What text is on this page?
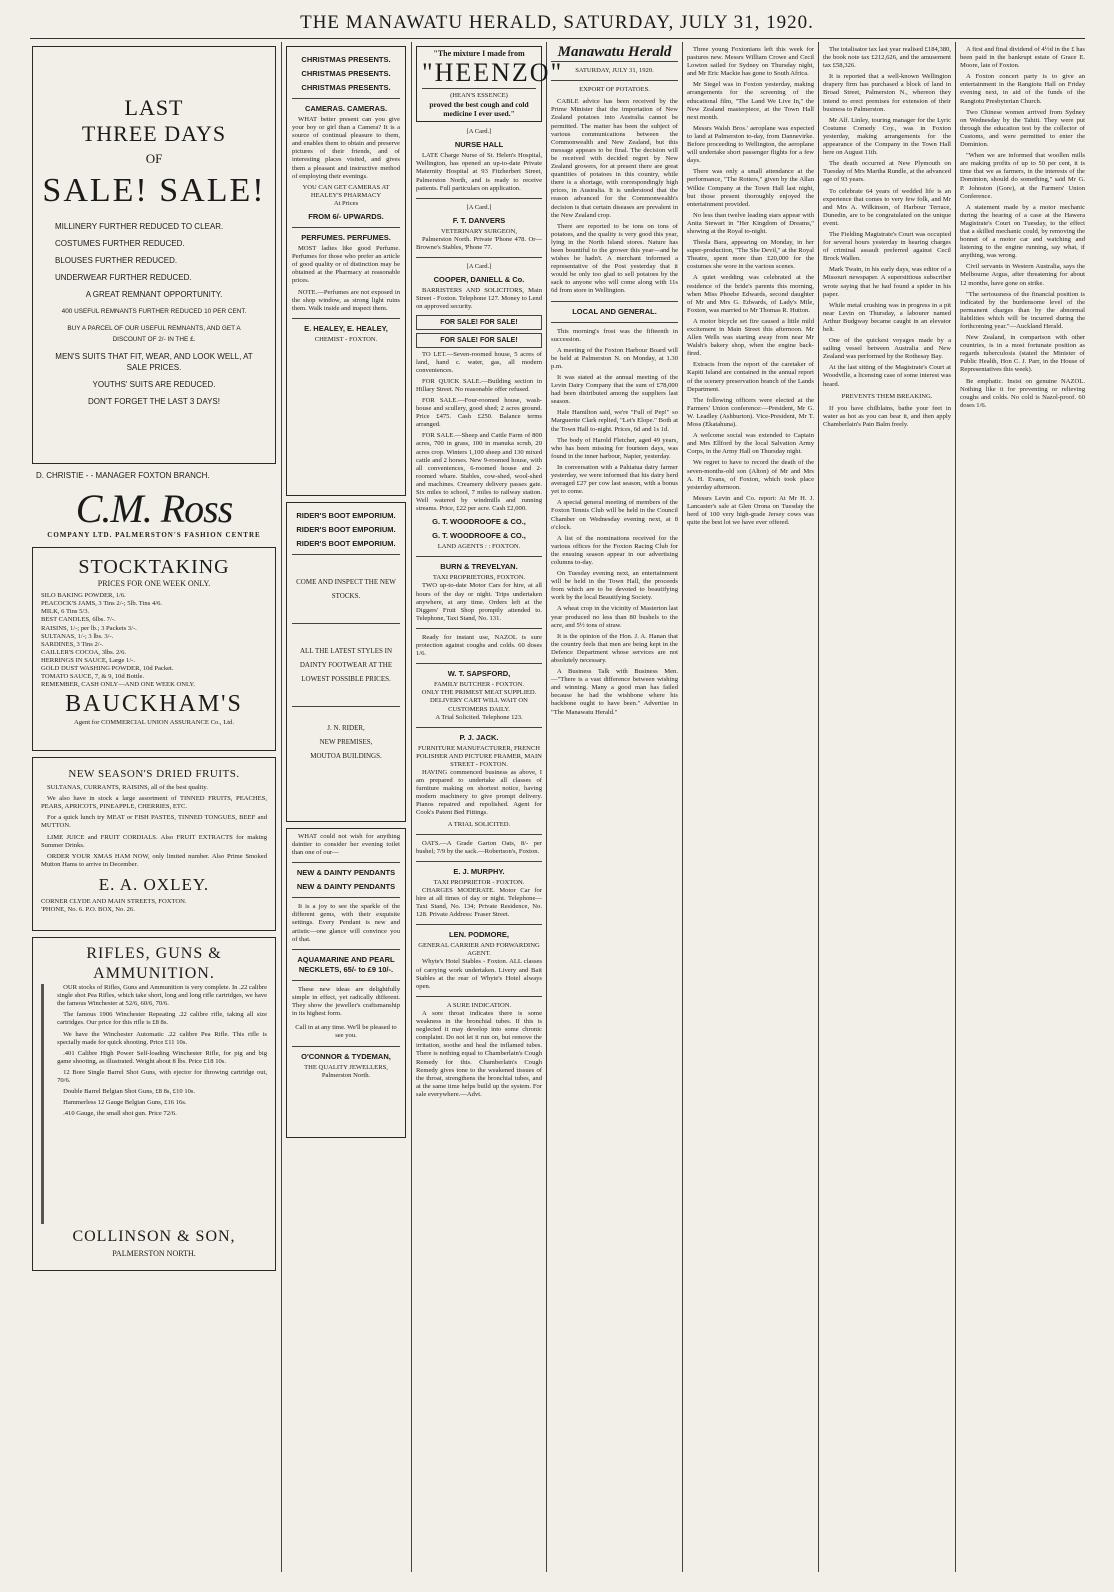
THE MANAWATU HERALD, SATURDAY, JULY 31, 1920.
LAST
THREE DAYS
OF
SALE! SALE!
MILLINERY FURTHER REDUCED TO CLEAR.
COSTUMES FURTHER REDUCED.
BLOUSES FURTHER REDUCED.
UNDERWEAR FURTHER REDUCED.
A GREAT REMNANT OPPORTUNITY.
400 USEFUL REMNANTS FURTHER REDUCED 10 PER CENT.
BUY A PARCEL OF OUR USEFUL REMNANTS, AND GET A DISCOUNT OF 2/- IN THE £.
MEN'S SUITS THAT FIT, WEAR, AND LOOK WELL, AT SALE PRICES.
YOUTHS' SUITS ARE REDUCED.
DON'T FORGET THE LAST 3 DAYS!
D. CHRISTIE - - MANAGER FOXTON BRANCH.
C.M. Ross
COMPANY LTD. PALMERSTON'S FASHION CENTRE
STOCKTAKING
PRICES FOR ONE WEEK ONLY.
SILO BAKING POWDER, 1/6.
PEACOCK'S JAMS, 3 Tins 2/-; 5lb. Tins 4/6.
MILK, 6 Tins 5/3.
BEST CANDLES, 6lbs. 7/-.
RAISINS, 1/-; per lb.; 3 Packets 3/-.
SULTANAS, 1/-; 3 lbs. 3/-.
SARDINES, 3 Tins 2/-.
CAILLER'S COCOA, 3lbs. 2/6.
HERRINGS IN SAUCE, Large 1/-.
GOLD DUST WASHING POWDER, 10d Packet.
TOMATO SAUCE, 7, & 9, 10d Bottle.
REMEMBER, CASH ONLY—AND ONE WEEK ONLY.
BAUCKHAM'S
Agent for COMMERCIAL UNION ASSURANCE Co., Ltd.
NEW SEASON'S DRIED FRUITS.
SULTANAS, CURRANTS, RAISINS, all of the best quality.
We also have in stock a large assortment of TINNED FRUITS, PEACHES, PEARS, APRICOTS, PINEAPPLE, CHERRIES, ETC.
For a quick lunch try MEAT or FISH PASTES, TINNED TONGUES, BEEF and MUTTON.
LIME JUICE and FRUIT CORDIALS. Also FRUIT EXTRACTS for making Summer Drinks.
ORDER YOUR XMAS HAM NOW, only limited number. Also Prime Smoked Mutton Hams to arrive in December.
E. A. OXLEY.
CORNER CLYDE AND MAIN STREETS, FOXTON.
'PHONE, No. 6. P.O. BOX, No. 26.
RIFLES, GUNS & AMMUNITION.
OUR stocks of Rifles, Guns and Ammunition is very complete. In .22 calibre single shot Pea Rifles, which take short, long and long rifle cartridges, we have the famous Winchester at 52/6, 60/6, 70/6.
The famous 1906 Winchester Repeating .22 calibre rifle, taking all size cartridges. Our price for this rifle is £8 8s.
We have the Winchester Automatic .22 calibre Pea Rifle. This rifle is specially made for quick shooting. Price £11 10s.
.401 Calibre High Power Self-loading Winchester Rifle, for pig and big game shooting, as illustrated. Weight about 8 lbs. Price £18 10s.
12 Bore Single Barrel Shot Guns, with ejector for throwing cartridge out, 70/6.
Double Barrel Belgian Shot Guns, £8 8s, £10 10s.
Hammerless 12 Gauge Belgian Guns, £16 16s.
.410 Gauge, the small shot gun. Price 72/6.
COLLINSON & SON,
PALMERSTON NORTH.
CHRISTMAS PRESENTS.
CHRISTMAS PRESENTS.
CHRISTMAS PRESENTS.
CAMERAS. CAMERAS.
WHAT better present can you give your boy or girl than a Camera? It is a source of continual pleasure to them, and enables them to obtain and preserve pictures of their friends, and of interesting places visited, and gives them a pleasant and instructive method of employing their evenings.
YOU CAN GET CAMERAS AT HEALEY'S PHARMACY
At Prices
FROM 6/- UPWARDS.
PERFUMES. PERFUMES.
MOST ladies like good Perfume. Perfumes for those who prefer an article of good quality or of distinction may be obtained at the Pharmacy at reasonable prices.
NOTE.—Perfumes are not exposed in the shop window, as strong light ruins them. Walk inside and inspect them.
E. HEALEY, E. HEALEY,
CHEMIST - FOXTON.
RIDER'S BOOT EMPORIUM.
RIDER'S BOOT EMPORIUM.
RIDER'S BOOT EMPORIUM.
COME AND INSPECT THE NEW STOCKS.
ALL THE LATEST STYLES IN DAINTY FOOTWEAR AT THE LOWEST POSSIBLE PRICES.
J. N. RIDER,
NEW PREMISES,
MOUTOA BUILDINGS.
WHAT could not wish for anything daintier to consider her evening toilet than one of our—
NEW & DAINTY PENDANTS
NEW & DAINTY PENDANTS
It is a joy to see the sparkle of the different gems, with their exquisite settings. Every Pendant is new and artistic—one glance will convince you of that.
AQUAMARINE AND PEARL NECKLETS, 65/- to £9 10/-.
These new ideas are delightfully simple in effect, yet radically different. They show the jeweller's craftsmanship in its highest form.
Call in at any time. We'll be pleased to see you.
O'CONNOR & TYDEMAN,
THE QUALITY JEWELLERS,
Palmerston North.
"The mixture I made from
"HEENZO"
(HEAN'S ESSENCE)
proved the best cough and cold medicine I ever used."
[A Card.]
NURSE HALL
LATE Charge Nurse of St. Helen's Hospital, Wellington, has opened an up-to-date Private Maternity Hospital at 93 Fitzherbert Street, Palmerston North, and is ready to receive patients. Full particulars on application.
[A Card.]
F. T. DANVERS
VETERINARY SURGEON,
Palmerston North. Private 'Phone 478. Or— Browne's Stables, 'Phone 77.
[A Card.]
COOPER, DANIELL & Co.
BARRISTERS AND SOLICITORS, Main Street - Foxton. Telephone 127. Money to Lend on approved security.
FOR SALE! FOR SALE!
FOR SALE! FOR SALE!
TO LET.—Seven-roomed house, 5 acres of land, hand c. water, gas, all modern conveniences.
FOR QUICK SALE.—Building section in Hillary Street. No reasonable offer refused.
FOR SALE.—Four-roomed house, wash-house and scullery, good shed; 2 acres ground. Price £475. Cash £250. Balance terms arranged.
FOR SALE.—Sheep and Cattle Farm of 800 acres, 700 in grass, 100 in manuka scrub, 20 acres crop. Winters 1,100 sheep and 130 mixed cattle and 2 horses. New 9-roomed house, with all conveniences, 6-roomed house and 2-roomed whare. Stables, cow-shed, wool-shed and machines. Creamery delivery passes gate. Six miles to school, 7 miles to railway station. Well watered by windmills and running streams. Price, £22 per acre. Cash £2,000.
G. T. WOODROOFE & CO.,
G. T. WOODROOFE & CO.,
LAND AGENTS : : FOXTON.
BURN & TREVELYAN.
TAXI PROPRIETORS, FOXTON.
TWO up-to-date Motor Cars for hire, at all hours of the day or night. Trips undertaken anywhere, at any time. Orders left at the Diggers' Fruit Shop promptly attended to. Telephone, Taxi Stand, No. 131.
Ready for instant use, NAZOL is sure protection against coughs and colds. 60 doses 1/6.
W. T. SAPSFORD,
FAMILY BUTCHER - FOXTON.
ONLY THE PRIMEST MEAT SUPPLIED. DELIVERY CART WILL WAIT ON CUSTOMERS DAILY.
A Trial Solicited. Telephone 123.
P. J. JACK.
FURNITURE MANUFACTURER, FRENCH POLISHER AND PICTURE FRAMER, MAIN STREET - FOXTON.
HAVING commenced business as above, I am prepared to undertake all classes of furniture making on shortest notice, having modern machinery to give prompt delivery. Pianos repaired and repolished. Agent for Cook's Patent Bed Fittings.
A TRIAL SOLICITED.
OATS.—A Grade Garton Oats, 8/- per bushel; 7/9 by the sack.—Robertson's, Foxton.
E. J. MURPHY.
TAXI PROPRIETOR - FOXTON.
CHARGES MODERATE. Motor Car for hire at all times of day or night. Telephone—Taxi Stand, No. 134; Private Residence, No. 128. Private Address: Fraser Street.
LEN. PODMORE,
GENERAL CARRIER AND FORWARDING AGENT.
Whyte's Hotel Stables - Foxton. ALL classes of carrying work undertaken. Livery and Bait Stables at the rear of Whyte's Hotel always open.
A SURE INDICATION.
A sore throat indicates there is some weakness in the bronchial tubes. If this is neglected it may develop into some chronic complaint. Do not let it run on, but remove the irritation, soothe and heal the inflamed tubes. There is nothing equal to Chamberlain's Cough Remedy for this. Chamberlain's Cough Remedy gives tone to the weakened tissues of the throat, strengthens the bronchial tubes, and at the same time helps build up the system. For sale everywhere.—Advt.
Manawatu Herald
SATURDAY, JULY 31, 1920.
EXPORT OF POTATOES.
CABLE advice has been received by the Prime Minister that the importation of New Zealand potatoes into Australia cannot be permitted. The matter has been the subject of various communications between the Commonwealth and New Zealand, but this message appears to be final. The decision will be received with decided regret by New Zealand growers, for at present there are great quantities of potatoes in this country, while there is a shortage, with correspondingly high prices, in Australia. It is understood that the reason advanced for the Commonwealth's decision is that certain diseases are prevalent in the New Zealand crop.
There are reported to be tons on tons of potatoes, and the quality is very good this year, lying in the North Island stores. Nature has been bountiful to the grower this year—and he wishes he hadn't. A merchant informed a representative of the Post yesterday that it would be only too glad to sell potatoes by the sack to anyone who will come along with 11s 6d from store in Wellington.
LOCAL AND GENERAL.
This morning's frost was the fifteenth in succession.
A meeting of the Foxton Harbour Board will be held at Palmerston N. on Monday, at 1.30 p.m.
It was stated at the annual meeting of the Levin Dairy Company that the sum of £78,000 had been distributed among the suppliers last season.
Hale Hamilton said, we're "Full of Pep!" so Marguerite Clark replied, "Let's Elope." Both at the Town Hall to-night. Prices, 6d and 1s 1d.
The body of Harold Fletcher, aged 49 years, who has been missing for fourteen days, was found in the inner harbour, Napier, yesterday.
In conversation with a Pahiatua dairy farmer yesterday, we were informed that his dairy herd averaged £27 per cow last season, with a bonus yet to come.
A special general meeting of members of the Foxton Tennis Club will be held in the Council Chamber on Wednesday evening next, at 8 o'clock.
A list of the nominations received for the various offices for the Foxton Racing Club for the ensuing season appear in our advertising columns to-day.
On Tuesday evening next, an entertainment will be held in the Town Hall, the proceeds from which are to be devoted to beautifying work by the local Beautifying Society.
A wheat crop in the vicinity of Masterton last year produced no less than 80 bushels to the acre, and 5½ tons of straw.
It is the opinion of the Hon. J. A. Hanan that the country feels that men are being kept in the Defence Department whose services are not absolutely necessary.
A Business Talk with Business Men.—"There is a vast difference between wishing and winning. Many a good man has failed because he had the wishbone where his backbone ought to have been." Advertise in "The Manawatu Herald."
Three young Foxtonians left this week for pastures new. Messrs William Crowe and Cecil Lowton sailed for Sydney on Thursday night, and Mr Eric Mackie has gone to South Africa.
Mr Siegel was in Foxton yesterday, making arrangements for the screening of the educational film, "The Land We Live In," the New Zealand masterpiece, at the Town Hall next month.
Messrs Walsh Bros.' aeroplane was expected to land at Palmerston to-day, from Dannevirke. Before proceeding to Wellington, the aeroplane will undertake short passenger flights for a few days.
There was only a small attendance at the performance, "The Rotters," given by the Allan Wilkie Company at the Town Hall last night, but those present thoroughly enjoyed the entertainment provided.
No less than twelve leading stars appear with Anita Stewart in "Her Kingdom of Dreams," showing at the Royal to-night.
Thesla Bara, appearing on Monday, in her super-production, "The She Devil," at the Royal Theatre, spent more than £20,000 for the costumes she wore in the various scenes.
A quiet wedding was celebrated at the residence of the bride's parents this morning, when Miss Phoebe Edwards, second daughter of Mr and Mrs G. Edwards, of Lady's Mile, Foxton, was married to Mr Thomas R. Hutton.
A motor bicycle set fire caused a little mild excitement in Main Street this afternoon. Mr Allen Wells was starting away from near Mr Walsh's bakery shop, when the engine back-fired.
Extracts from the report of the caretaker of Kapiti Island are contained in the annual report of the scenery preservation branch of the Lands Department.
The following officers were elected at the Farmers' Union conference:—President, Mr G. W. Leadley (Ashburton). Vice-President, Mr T. Moss (Ekatahuna).
A welcome social was extended to Captain and Mrs Ellford by the local Salvation Army Corps, in the Army Hall on Thursday night.
We regret to have to record the death of the seven-months-old son (Alton) of Mr and Mrs A. H. Evans, of Foxton, which took place yesterday afternoon.
Messrs Levin and Co. report: At Mr H. J. Lancaster's sale at Glen Orona on Tuesday the herd of 100 very high-grade Jersey cows was quite the best lot we have ever offered.
The totalisator tax last year realised £184,380, the book note tax £212,626, and the amusement tax £58,326.
It is reported that a well-known Wellington drapery firm has purchased a block of land in Broad Street, Palmerston N., whereon they intend to erect premises for extension of their business to Palmerston.
Mr Alf. Linley, touring manager for the Lyric Costume Comedy Coy., was in Foxton yesterday, making arrangements for the appearance of the Company in the Town Hall here on August 11th.
The death occurred at New Plymouth on Tuesday of Mrs Martha Rundle, at the advanced age of 93 years.
To celebrate 64 years of wedded life is an experience that comes to very few folk, and Mr and Mrs A. Wilkinson, of Harbour Terrace, Dunedin, are to be congratulated on the unique event.
The Fielding Magistrate's Court was occupied for several hours yesterday in hearing charges of criminal assault preferred against Cecil Brock Wallen.
Mark Twain, in his early days, was editor of a Missouri newspaper. A superstitious subscriber wrote saying that he had found a spider in his paper.
While metal crushing was in progress in a pit near Levin on Thursday, a labourer named Arthur Budgway became caught in an elevator belt.
One of the quickest voyages made by a sailing vessel between Australia and New Zealand was performed by the Rothesay Bay.
At the last sitting of the Magistrate's Court at Woodville, a licensing case of some interest was heard.
PREVENTS THEM BREAKING.
If you have chilblains, bathe your feet in water as hot as you can bear it, and then apply Chamberlain's Pain Balm freely.
A first and final dividend of 4½d in the £ has been paid in the bankrupt estate of Grace E. Moore, late of Foxton.
A Foxton concert party is to give an entertainment in the Rangiotu Hall on Friday evening next, in aid of the funds of the Rangiotu Presbyterian Church.
Two Chinese women arrived from Sydney on Wednesday by the Tahiti. They were put through the education test by the collector of Customs, and were permitted to enter the Dominion.
"When we are informed that woollen mills are making profits of up to 50 per cent, it is time that we as farmers, in the interests of the Dominion, should do something," said Mr G. P. Johnston (Gore), at the Farmers' Union Conference.
A statement made by a motor mechanic during the hearing of a case at the Hawera Magistrate's Court on Tuesday, to the effect that a skilled mechanic could, by removing the bonnet of a motor car and watching and listening to the engine running, say what, if anything, was wrong.
Civil servants in Western Australia, says the Melbourne Argus, after threatening for about 12 months, have gone on strike.
"The seriousness of the financial position is indicated by the burdensome level of the permanent charges than by the abnormal liabilities which will be incurred during the forthcoming year."—Auckland Herald.
New Zealand, in comparison with other countries, is in a most fortunate position as regards tuberculosis (stated the Minister of Public Health, Hon C. J. Parr, in the House of Representatives this week).
Be emphatic. Insist on genuine NAZOL. Nothing like it for preventing or relieving coughs and colds. No cold is Nazol-proof. 60 doses 1/6.
